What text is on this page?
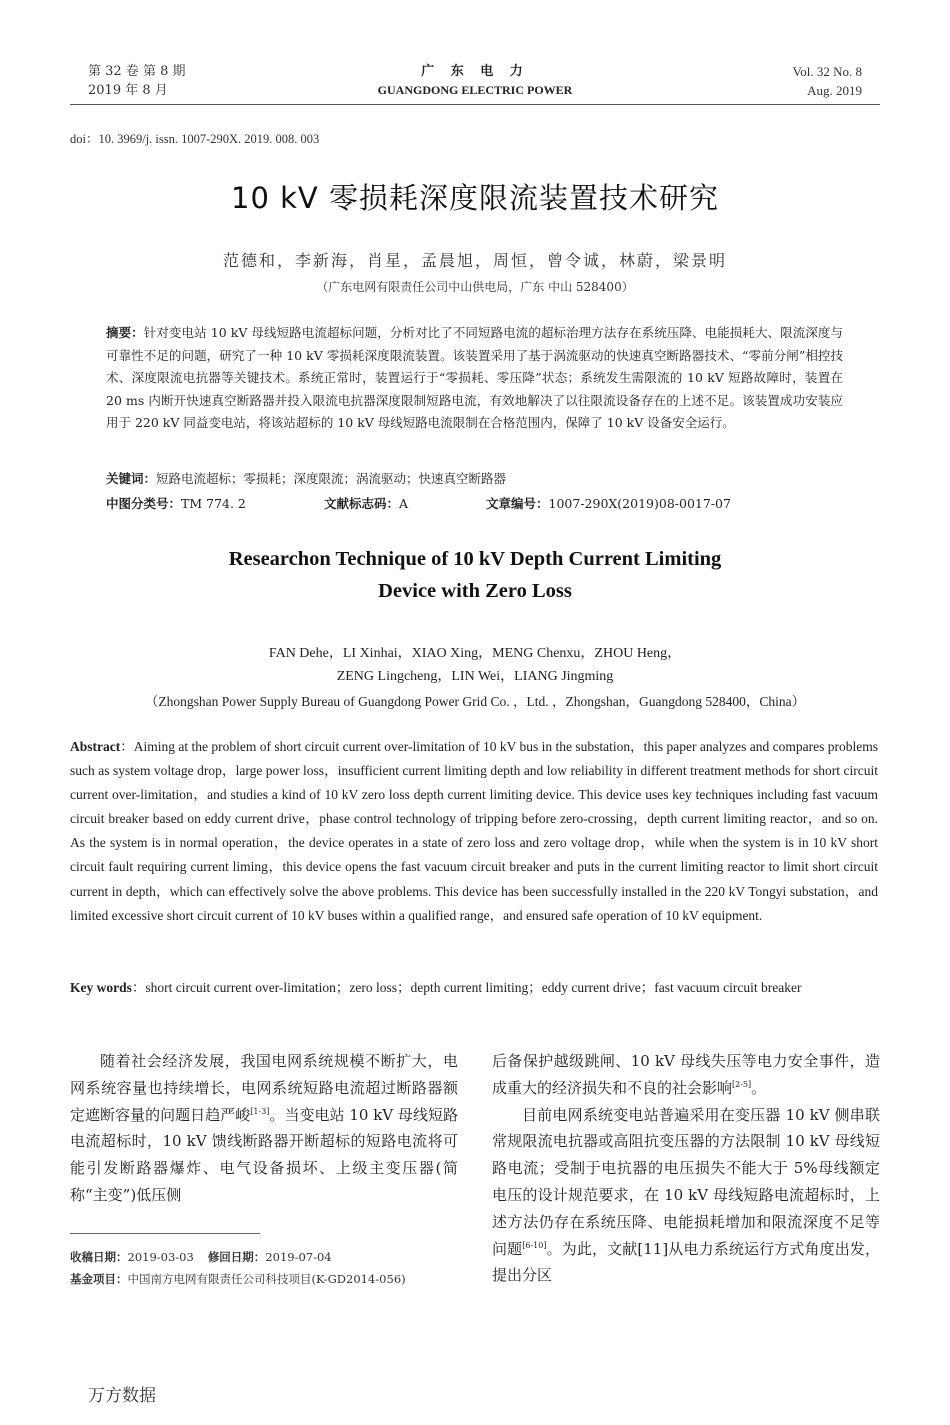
第 32 卷 第 8 期
2019 年 8 月
广 东 电 力
GUANGDONG ELECTRIC POWER
Vol. 32 No. 8
Aug. 2019
doi：10. 3969/j. issn. 1007-290X. 2019. 008. 003
10 kV 零损耗深度限流装置技术研究
范德和，李新海，肖星，孟晨旭，周恒，曾令诚，林蔚，梁景明
（广东电网有限责任公司中山供电局，广东 中山 528400）
摘要：针对变电站 10 kV 母线短路电流超标问题，分析对比了不同短路电流的超标治理方法存在系统压降、电能损耗大、限流深度与可靠性不足的问题，研究了一种 10 kV 零损耗深度限流装置。该装置采用了基于涡流驱动的快速真空断路器技术、“零前分闸”相控技术、深度限流电抗器等关键技术。系统正常时，装置运行于“零损耗、零压降”状态；系统发生需限流的 10 kV 短路故障时，装置在 20 ms 内断开快速真空断路器并投入限流电抗器深度限制短路电流，有效地解决了以往限流设备存在的上述不足。该装置成功安装应用于 220 kV 同益变电站，将该站超标的 10 kV 母线短路电流限制在合格范围内，保障了 10 kV 设备安全运行。
关键词：短路电流超标；零损耗；深度限流；涡流驱动；快速真空断路器
中图分类号：TM 774. 2	文献标志码：A	文章编号：1007-290X(2019)08-0017-07
Researchon Technique of 10 kV Depth Current Limiting
Device with Zero Loss
FAN Dehe，LI Xinhai，XIAO Xing，MENG Chenxu，ZHOU Heng，
ZENG Lingcheng，LIN Wei，LIANG Jingming
（Zhongshan Power Supply Bureau of Guangdong Power Grid Co. ，Ltd. ，Zhongshan，Guangdong 528400，China）
Abstract：Aiming at the problem of short circuit current over-limitation of 10 kV bus in the substation，this paper analyzes and compares problems such as system voltage drop，large power loss，insufficient current limiting depth and low reliability in different treatment methods for short circuit current over-limitation，and studies a kind of 10 kV zero loss depth current limiting device. This device uses key techniques including fast vacuum circuit breaker based on eddy current drive，phase control technology of tripping before zero-crossing，depth current limiting reactor，and so on. As the system is in normal operation，the device operates in a state of zero loss and zero voltage drop，while when the system is in 10 kV short circuit fault requiring current liming，this device opens the fast vacuum circuit breaker and puts in the current limiting reactor to limit short circuit current in depth，which can effectively solve the above problems. This device has been successfully installed in the 220 kV Tongyi substation，and limited excessive short circuit current of 10 kV buses within a qualified range，and ensured safe operation of 10 kV equipment.
Key words：short circuit current over-limitation；zero loss；depth current limiting；eddy current drive；fast vacuum circuit breaker

随着社会经济发展，我国电网系统规模不断扩大，电网系统容量也持续增长，电网系统短路电流超过断路器额定遮断容量的问题日趋严峻[1-3]。当变电站 10 kV 母线短路电流超标时，10 kV 馈线断路器开断超标的短路电流将可能引发断路器爆炸、电气设备损坏、上级主变压器(简称“主变”)低压侧

后备保护越级跳闸、10 kV 母线失压等电力安全事件，造成重大的经济损失和不良的社会影响[2-5]。

目前电网系统变电站普遍采用在变压器 10 kV 侧串联常规限流电抗器或高阻抗变压器的方法限制 10 kV 母线短路电流；受制于电抗器的电压损失不能大于 5%母线额定电压的设计规范要求，在 10 kV 母线短路电流超标时，上述方法仍存在系统压降、电能损耗增加和限流深度不足等问题[6-10]。为此，文献[11]从电力系统运行方式角度出发，提出分区

收稿日期：2019-03-03 修回日期：2019-07-04
基金项目：中国南方电网有限责任公司科技项目(K-GD2014-056)
万方数据
